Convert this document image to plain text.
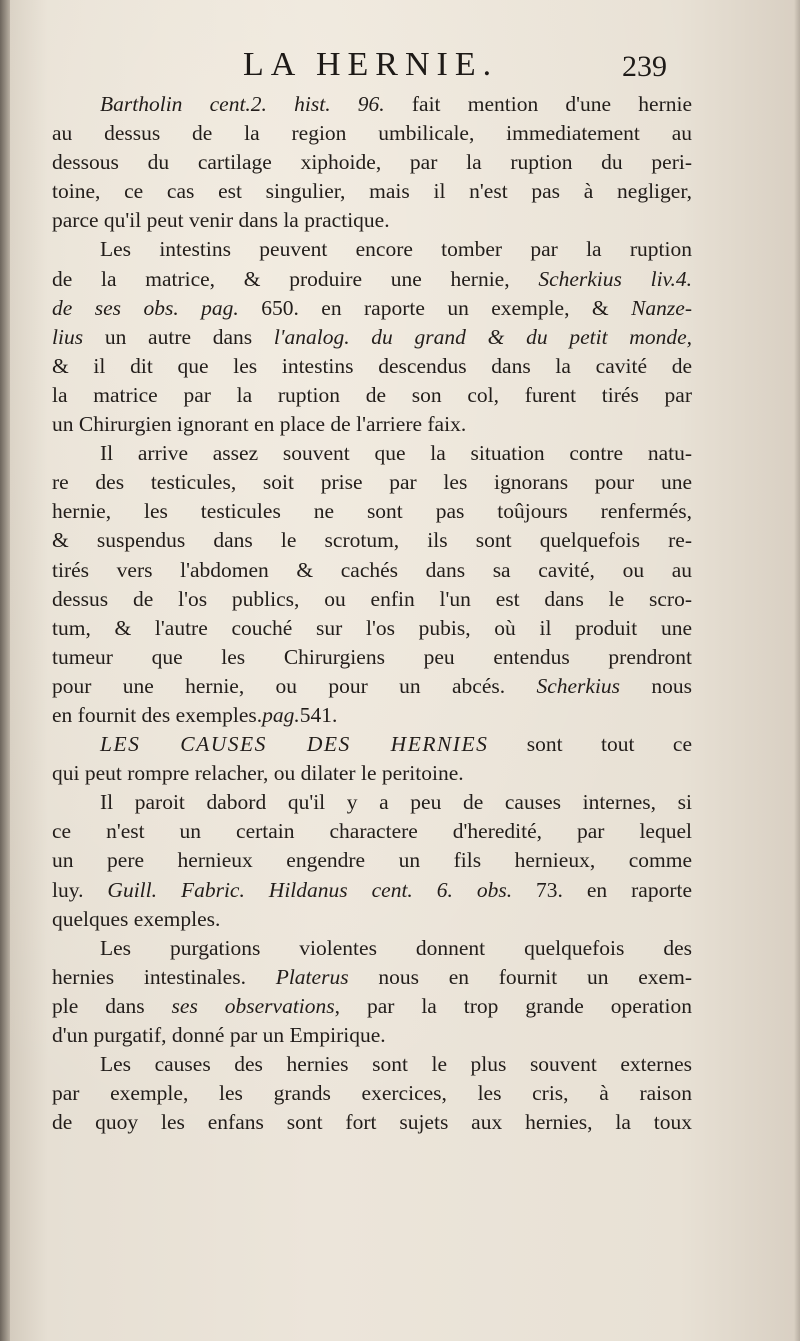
LA HERNIE.	239
Bartholin cent.2. hist. 96. fait mention d'une hernie
au dessus de la region umbilicale, immediatement au
dessous du cartilage xiphoide, par la ruption du peri-
toine, ce cas est singulier, mais il n'est pas à negliger,
parce qu'il peut venir dans la practique.
Les intestins peuvent encore tomber par la ruption
de la matrice, & produire une hernie, Scherkius liv.4.
de ses obs. pag. 650. en raporte un exemple, & Nanze-
lius un autre dans l'analog. du grand & du petit monde,
& il dit que les intestins descendus dans la cavité de
la matrice par la ruption de son col, furent tirés par
un Chirurgien ignorant en place de l'arriere faix.
Il arrive assez souvent que la situation contre natu-
re des testicules, soit prise par les ignorans pour une
hernie, les testicules ne sont pas toûjours renfermés,
& suspendus dans le scrotum, ils sont quelquefois re-
tirés vers l'abdomen & cachés dans sa cavité, ou au
dessus de l'os publics, ou enfin l'un est dans le scro-
tum, & l'autre couché sur l'os pubis, où il produit une
tumeur que les Chirurgiens peu entendus prendront
pour une hernie, ou pour un abcés. Scherkius nous
en fournit des exemples.pag.541.
LES CAUSES DES HERNIES sont tout ce
qui peut rompre relacher, ou dilater le peritoine.
Il paroit dabord qu'il y a peu de causes internes, si
ce n'est un certain charactere d'heredité, par lequel
un pere hernieux engendre un fils hernieux, comme
luy. Guill. Fabric. Hildanus cent. 6. obs. 73. en raporte
quelques exemples.
Les purgations violentes donnent quelquefois des
hernies intestinales. Platerus nous en fournit un exem-
ple dans ses observations, par la trop grande operation
d'un purgatif, donné par un Empirique.
Les causes des hernies sont le plus souvent externes
par exemple, les grands exercices, les cris, à raison
de quoy les enfans sont fort sujets aux hernies, la toux
